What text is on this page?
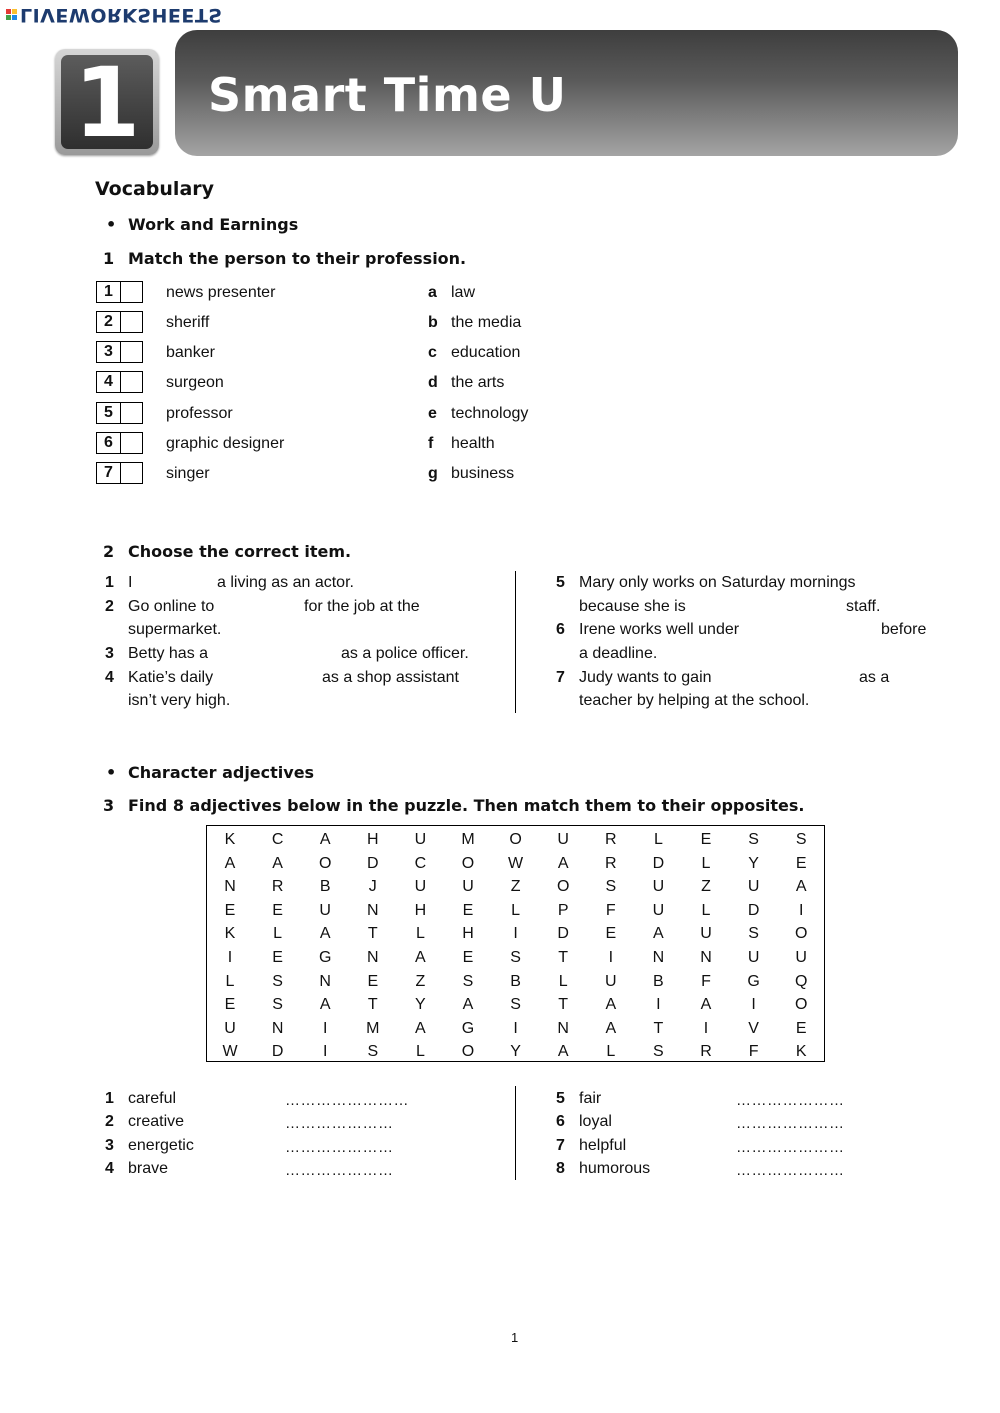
LIVEWORKSHEETS
1 Smart Time U
Vocabulary
• Work and Earnings
1 Match the person to their profession.
1	news presenter	a law
2	sheriff	b the media
3	banker	c education
4	surgeon	d the arts
5	professor	e technology
6	graphic designer	f health
7	singer	g business
2 Choose the correct item.
1 I	a living as an actor.
2 Go online to	for the job at the
supermarket.
3 Betty has a	as a police officer.
4 Katie’s daily	as a shop assistant
isn’t very high.
5 Mary only works on Saturday mornings
because she is	staff.
6 Irene works well under	before
a deadline.
7 Judy wants to gain	as a
teacher by helping at the school.
• Character adjectives
3 Find 8 adjectives below in the puzzle. Then match them to their opposites.
K C A H U M O U R	L	E S S
A A O D C O W A R D	L	Y E
N R B	J	U U	Z	O S U	Z	U A
E E U N H E	L	P	F	U	L	D	I
K	L	A	T	L	H	I	D E A U S O
I	E G N A E S	T	I	N N U U
L	S N E	Z	S B	L	U B	F	G Q
E S A	T	Y A S	T	A	I	A	I	O
U N	I	M A G	I	N A	T	I	V E
W D	I	S	L	O Y A	L	S R	F	K
1 careful	……………………
2 creative	…………………
3 energetic	…………………
4 brave	…………………
5 fair	…………………
6 loyal	…………………
7 helpful	…………………
8 humorous	…………………
1
